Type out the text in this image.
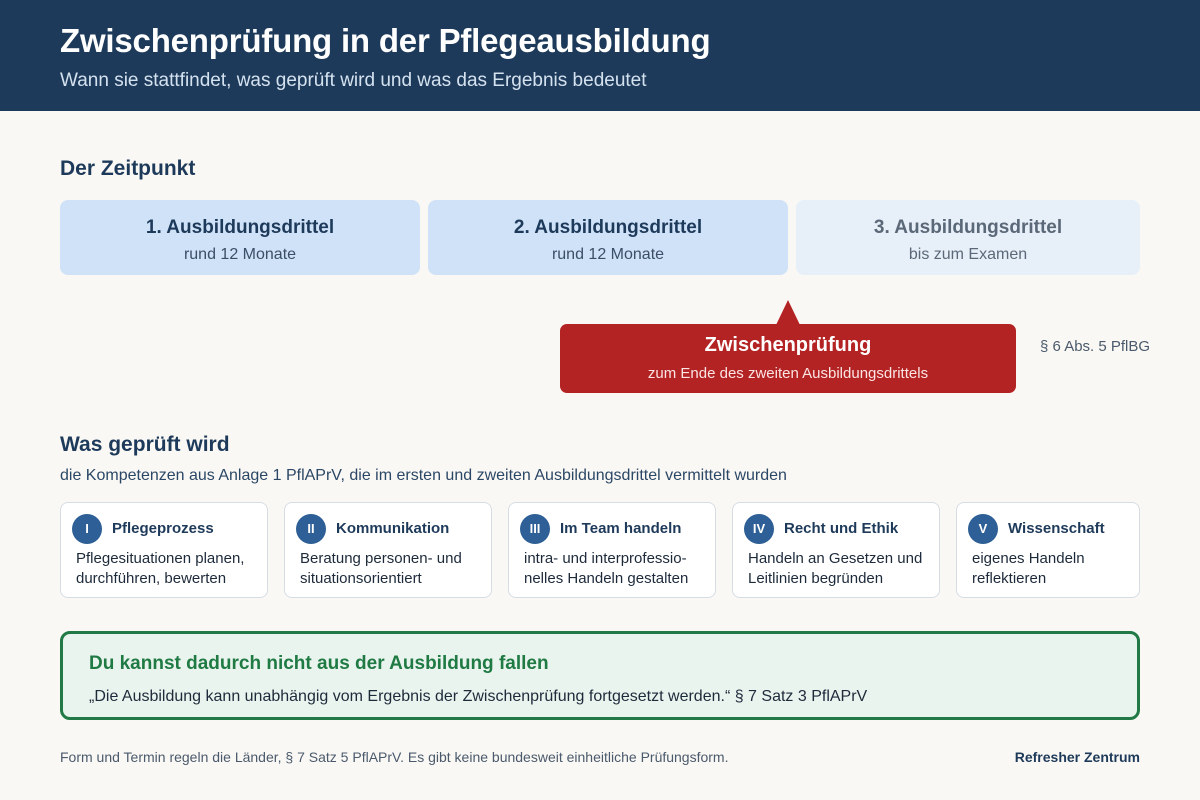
Zwischenprüfung in der Pflegeausbildung
Wann sie stattfindet, was geprüft wird und was das Ergebnis bedeutet
Der Zeitpunkt
1. Ausbildungsdrittel
rund 12 Monate
2. Ausbildungsdrittel
rund 12 Monate
3. Ausbildungsdrittel
bis zum Examen
Zwischenprüfung
zum Ende des zweiten Ausbildungsdrittels
§ 6 Abs. 5 PflBG
Was geprüft wird
die Kompetenzen aus Anlage 1 PflAPrV, die im ersten und zweiten Ausbildungsdrittel vermittelt wurden
I	Pflegeprozess
Pflegesituationen planen, durchführen, bewerten
II	Kommunikation
Beratung personen- und situationsorientiert
III	Im Team handeln
intra- und interprofessio- nelles Handeln gestalten
IV	Recht und Ethik
Handeln an Gesetzen und Leitlinien begründen
V	Wissenschaft
eigenes Handeln reflektieren
Du kannst dadurch nicht aus der Ausbildung fallen
„Die Ausbildung kann unabhängig vom Ergebnis der Zwischenprüfung fortgesetzt werden.“ § 7 Satz 3 PflAPrV
Form und Termin regeln die Länder, § 7 Satz 5 PflAPrV. Es gibt keine bundesweit einheitliche Prüfungsform.	Refresher Zentrum
